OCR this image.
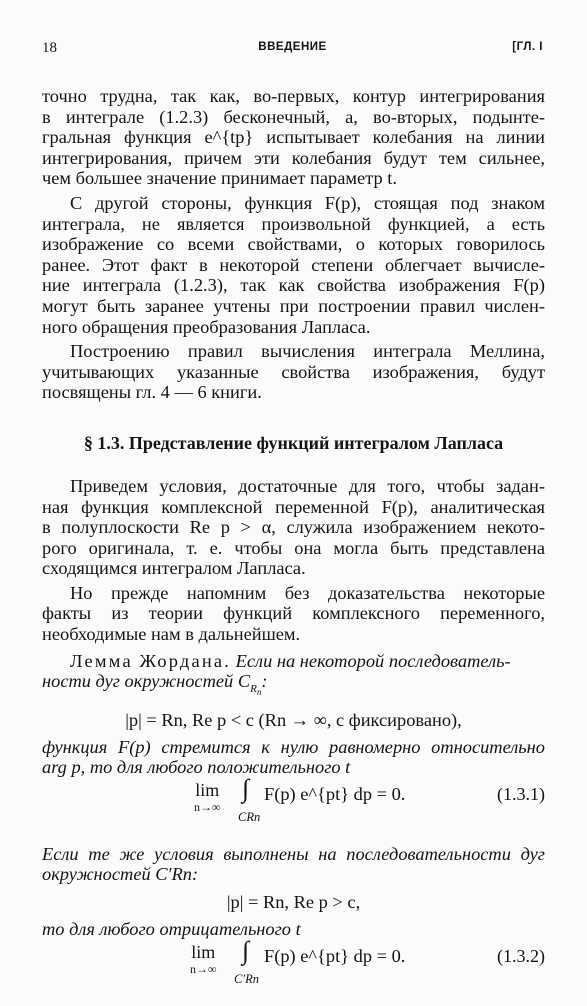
18	ВВЕДЕНИЕ	[ГЛ. I

точно трудна, так как, во-первых, контур интегрирования
в интеграле (1.2.3) бесконечный, а, во-вторых, подынте-
гральная функция e^{tp} испытывает колебания на линии
интегрирования, причем эти колебания будут тем сильнее,
чем большее значение принимает параметр t.

С другой стороны, функция F(p), стоящая под знаком
интеграла, не является произвольной функцией, а есть
изображение со всеми свойствами, о которых говорилось
ранее. Этот факт в некоторой степени облегчает вычисле-
ние интеграла (1.2.3), так как свойства изображения F(p)
могут быть заранее учтены при построении правил числен-
ного обращения преобразования Лапласа.

Построению правил вычисления интеграла Меллина,
учитывающих указанные свойства изображения, будут
посвящены гл. 4 — 6 книги.

§ 1.3. Представление функций интегралом Лапласа

Приведем условия, достаточные для того, чтобы задан-
ная функция комплексной переменной F(p), аналитическая
в полуплоскости Re p > α, служила изображением некото-
рого оригинала, т. е. чтобы она могла быть представлена
сходящимся интегралом Лапласа.

Но прежде напомним без доказательства некоторые
факты из теории функций комплексного переменного,
необходимые нам в дальнейшем.

Лемма Жордана. Если на некоторой последователь-
ности дуг окружностей $C_{R_n}$:

|p| = Rn, Re p < c (Rn → ∞, c фиксировано),

функция F(p) стремится к нулю равномерно относительно
arg p, то для любого положительного t

lim
n→∞
∫
CRn
F(p) e^{pt} dp = 0.	(1.3.1)

Если те же условия выполнены на последовательности дуг
окружностей C′Rn:

|p| = Rn, Re p > c,

то для любого отрицательного t

lim
n→∞
∫
C′Rn
F(p) e^{pt} dp = 0.	(1.3.2)
